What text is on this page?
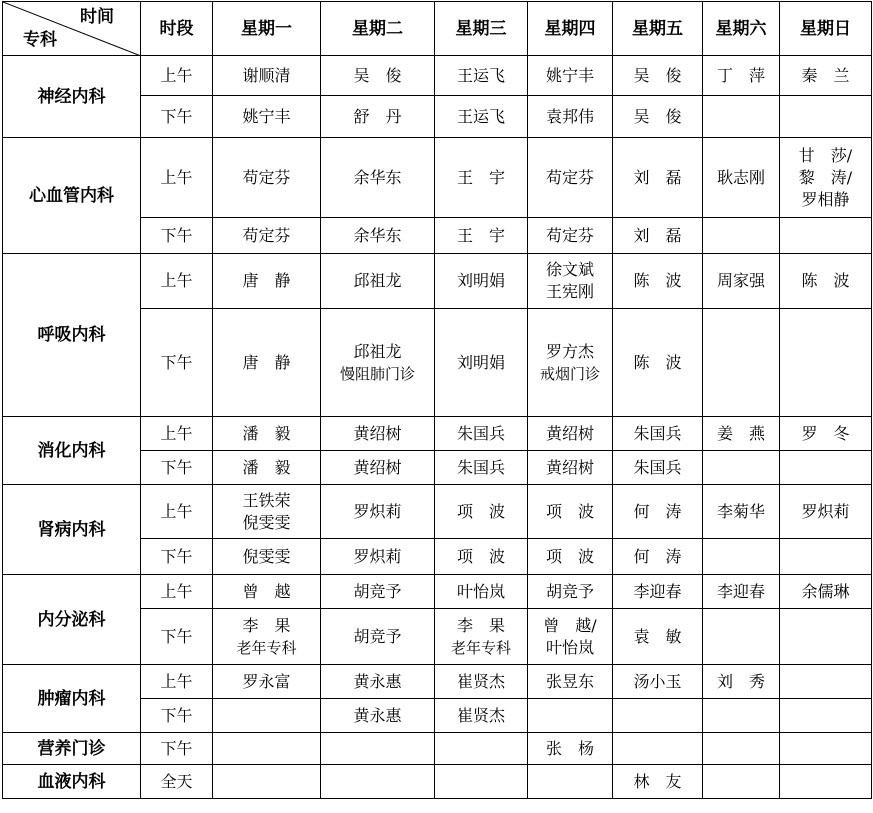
时间
专科	时段	星期一	星期二	星期三	星期四	星期五	星期六	星期日
神经内科	上午	谢顺清	吴　俊	王运飞	姚宁丰	吴　俊	丁　萍	秦　兰

	下午	姚宁丰	舒　丹	王运飞	袁邦伟	吴　俊		

心血管内科	上午	苟定芬	余华东	王　宇	苟定芬	刘　磊	耿志刚	甘　莎/
黎　涛/
罗相静

	下午	苟定芬	余华东	王　宇	苟定芬	刘　磊		

呼吸内科	上午	唐　静	邱祖龙	刘明娟	徐文斌
王宪刚	陈　波	周家强	陈　波

	下午	唐　静	邱祖龙
慢阻肺门诊	刘明娟	罗方杰
戒烟门诊	陈　波		

消化内科	上午	潘　毅	黄绍树	朱国兵	黄绍树	朱国兵	姜　燕	罗　冬

	下午	潘　毅	黄绍树	朱国兵	黄绍树	朱国兵		

肾病内科	上午	王铁荣
倪雯雯	罗炽莉	项　波	项　波	何　涛	李菊华	罗炽莉

	下午	倪雯雯	罗炽莉	项　波	项　波	何　涛		

内分泌科	上午	曾　越	胡竞予	叶怡岚	胡竞予	李迎春	李迎春	余儒琳

	下午	李　果
老年专科	胡竞予	李　果
老年专科	曾　越/
叶怡岚	袁　敏		

肿瘤内科	上午	罗永富	黄永惠	崔贤杰	张昱东	汤小玉	刘　秀	

	下午		黄永惠	崔贤杰				

营养门诊	下午				张　杨			

血液内科	全天					林　友		
